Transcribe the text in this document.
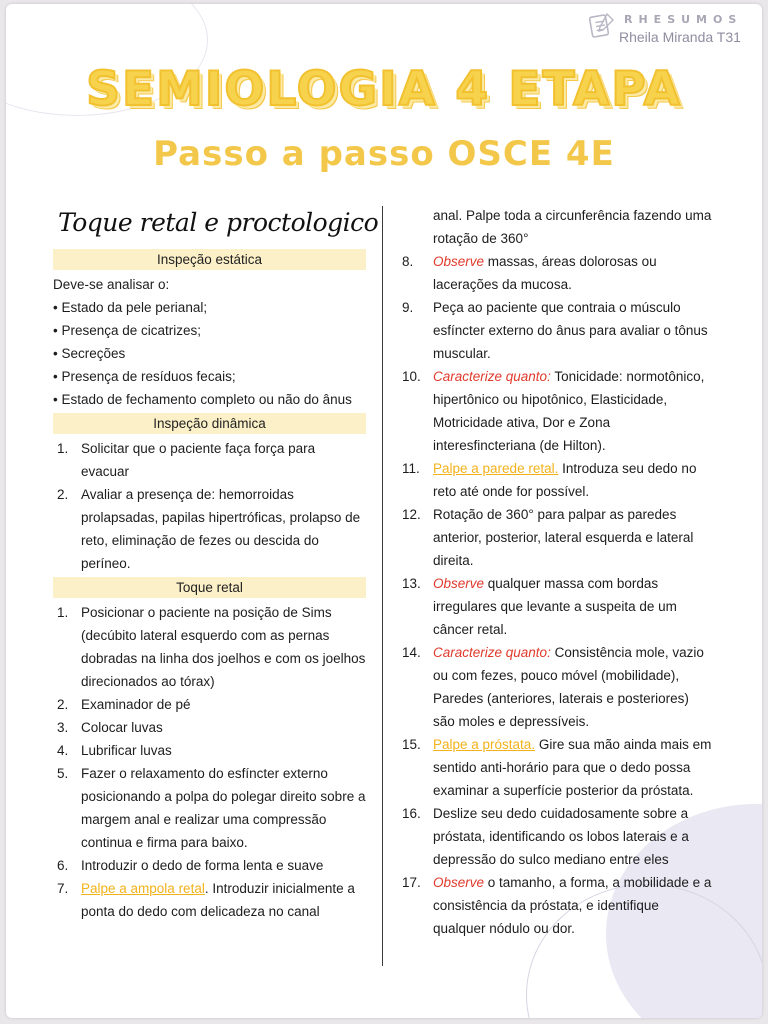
RHESUMOS
Rheila Miranda T31
SEMIOLOGIA 4 ETAPA
Passo a passo OSCE 4E
Toque retal e proctologico
Inspeção estática
Deve-se analisar o:
• Estado da pele perianal;
• Presença de cicatrizes;
• Secreções
• Presença de resíduos fecais;
• Estado de fechamento completo ou não do ânus
Inspeção dinâmica
1. Solicitar que o paciente faça força para evacuar
2. Avaliar a presença de: hemorroidas prolapsadas, papilas hipertróficas, prolapso de reto, eliminação de fezes ou descida do períneo.
Toque retal
1. Posicionar o paciente na posição de Sims (decúbito lateral esquerdo com as pernas dobradas na linha dos joelhos e com os joelhos direcionados ao tórax)
2. Examinador de pé
3. Colocar luvas
4. Lubrificar luvas
5. Fazer o relaxamento do esfíncter externo posicionando a polpa do polegar direito sobre a margem anal e realizar uma compressão continua e firma para baixo.
6. Introduzir o dedo de forma lenta e suave
7. Palpe a ampola retal. Introduzir inicialmente a ponta do dedo com delicadeza no canal
anal. Palpe toda a circunferência fazendo uma rotação de 360°
8. Observe massas, áreas dolorosas ou lacerações da mucosa.
9. Peça ao paciente que contraia o músculo esfíncter externo do ânus para avaliar o tônus muscular.
10. Caracterize quanto: Tonicidade: normotônico, hipertônico ou hipotônico, Elasticidade, Motricidade ativa, Dor e Zona interesfincteriana (de Hilton).
11. Palpe a parede retal. Introduza seu dedo no reto até onde for possível.
12. Rotação de 360° para palpar as paredes anterior, posterior, lateral esquerda e lateral direita.
13. Observe qualquer massa com bordas irregulares que levante a suspeita de um câncer retal.
14. Caracterize quanto: Consistência mole, vazio ou com fezes, pouco móvel (mobilidade), Paredes (anteriores, laterais e posteriores) são moles e depressíveis.
15. Palpe a próstata. Gire sua mão ainda mais em sentido anti-horário para que o dedo possa examinar a superfície posterior da próstata.
16. Deslize seu dedo cuidadosamente sobre a próstata, identificando os lobos laterais e a depressão do sulco mediano entre eles
17. Observe o tamanho, a forma, a mobilidade e a consistência da próstata, e identifique qualquer nódulo ou dor.
